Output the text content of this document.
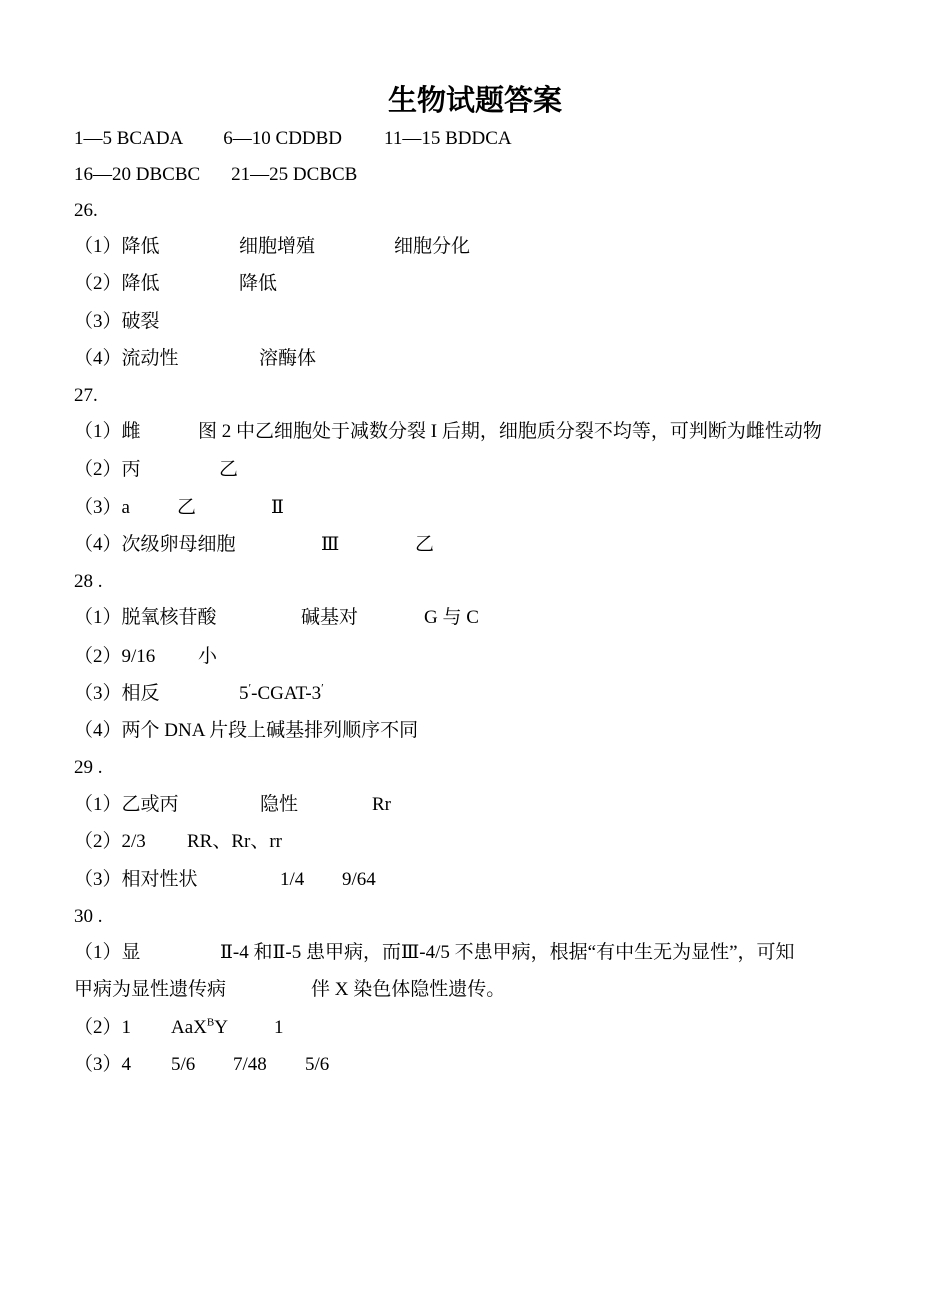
生物试题答案
1—5 BCADA 6—10 CDDBD 11—15 BDDCA
16—20 DBCBC 21—25 DCBCB
26.
（1）降低	细胞增殖	细胞分化
（2）降低	降低
（3）破裂
（4）流动性	溶酶体
27.
（1）雌	图 2 中乙细胞处于减数分裂 I 后期，细胞质分裂不均等，可判断为雌性动物
（2）丙	乙
（3）a 乙	Ⅱ
（4）次级卵母细胞	Ⅲ	乙
28 .
（1）脱氧核苷酸	碱基对	G 与 C
（2）9/16 小
（3）相反	5′-CGAT-3′
（4）两个 DNA 片段上碱基排列顺序不同
29 .
（1）乙或丙	隐性	Rr
（2）2/3 RR、Rr、rr
（3）相对性状	1/4 9/64
30 .
（1）显	Ⅱ-4 和Ⅱ-5 患甲病，而Ⅲ-4/5 不患甲病，根据“有中生无为显性”，可知
甲病为显性遗传病	伴 X 染色体隐性遗传。
（2）1 AaX$^B$Y 1
（3）4 5/6 7/48 5/6
